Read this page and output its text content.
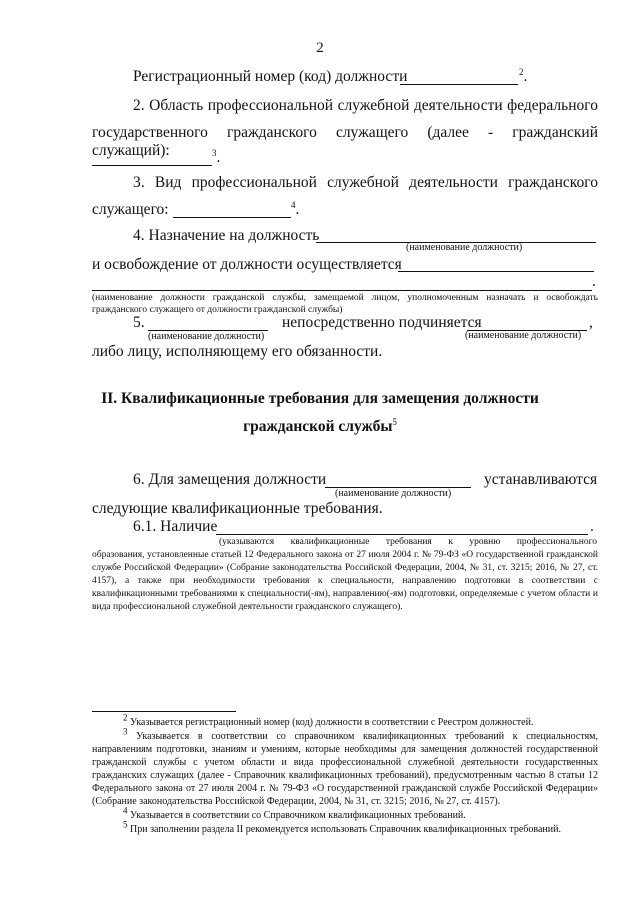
2
Регистрационный номер (код) должности	$^2$.
2. Область профессиональной служебной деятельности федерального
государственного гражданского служащего (далее - гражданский служащий):	$^3$.
3. Вид профессиональной служебной деятельности гражданского
служащего:	$^4$.
4. Назначение на должность
(наименование должности)
и освобождение от должности осуществляется
.
(наименование должности гражданской службы, замещаемой лицом, уполномоченным назначать и освобождать гражданского служащего от должности гражданской службы)
5.	непосредственно подчиняется	,
(наименование должности)	(наименование должности)
либо лицу, исполняющему его обязанности.
II. Квалификационные требования для замещения должности
гражданской службы$^5$
6. Для замещения должности	устанавливаются
(наименование должности)
следующие квалификационные требования.
6.1. Наличие	.
(указываются квалификационные требования к уровню профессионального
образования, установленные статьей 12 Федерального закона от 27 июля 2004 г. № 79-ФЗ «О государственной гражданской службе Российской Федерации» (Собрание законодательства Российской Федерации, 2004, № 31, ст. 3215; 2016, № 27, ст. 4157), а также при необходимости требования к специальности, направлению подготовки в соответствии с квалификационными требованиями к специальности(-ям), направлению(-ям) подготовки, определяемые с учетом области и вида профессиональной служебной деятельности гражданского служащего).
2 Указывается регистрационный номер (код) должности в соответствии с Реестром должностей.
3 Указывается в соответствии со справочником квалификационных требований к специальностям, направлениям подготовки, знаниям и умениям, которые необходимы для замещения должностей государственной гражданской службы с учетом области и вида профессиональной служебной деятельности государственных гражданских служащих (далее - Справочник квалификационных требований), предусмотренным частью 8 статьи 12 Федерального закона от 27 июля 2004 г. № 79-ФЗ «О государственной гражданской службе Российской Федерации» (Собрание законодательства Российской Федерации, 2004, № 31, ст. 3215; 2016, № 27, ст. 4157).
4 Указывается в соответствии со Справочником квалификационных требований.
5 При заполнении раздела II рекомендуется использовать Справочник квалификационных требований.
